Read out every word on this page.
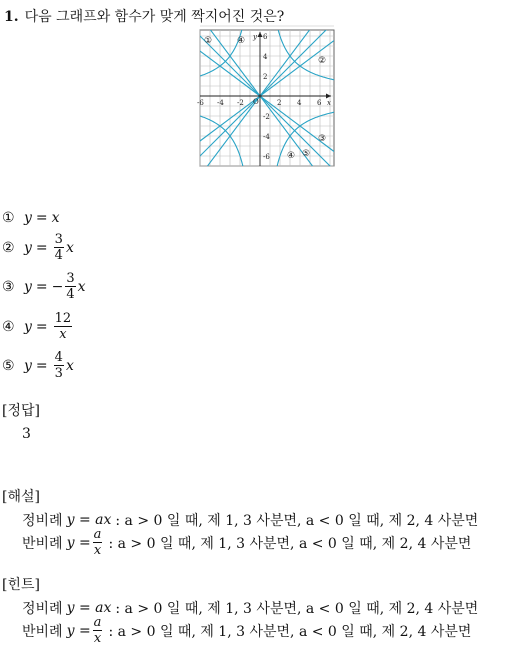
1. 다음 그래프와 함수가 맞게 짝지어진 것은?
-6 -4 -2	2 4 6
6
4
2
-2
-4
-6
x
y
O
①	④
②
③
④ ⑤
① y = x
② $y = \frac{3}{4}$ x
③ y = − $\frac{3}{4}$ x
④ $y = \frac{12}{x}$
⑤ $y = \frac{4}{3}$ x
[정답]
3
[해설]
정비례 y = ax : a > 0 일 때, 제 1, 3 사분면, a < 0 일 때, 제 2, 4 사분면
반비례 $y = \frac{a}{x}$ : a > 0 일 때, 제 1, 3 사분면, a < 0 일 때, 제 2, 4 사분면
[힌트]
정비례 y = ax : a > 0 일 때, 제 1, 3 사분면, a < 0 일 때, 제 2, 4 사분면
반비례 $y = \frac{a}{x}$ : a > 0 일 때, 제 1, 3 사분면, a < 0 일 때, 제 2, 4 사분면
